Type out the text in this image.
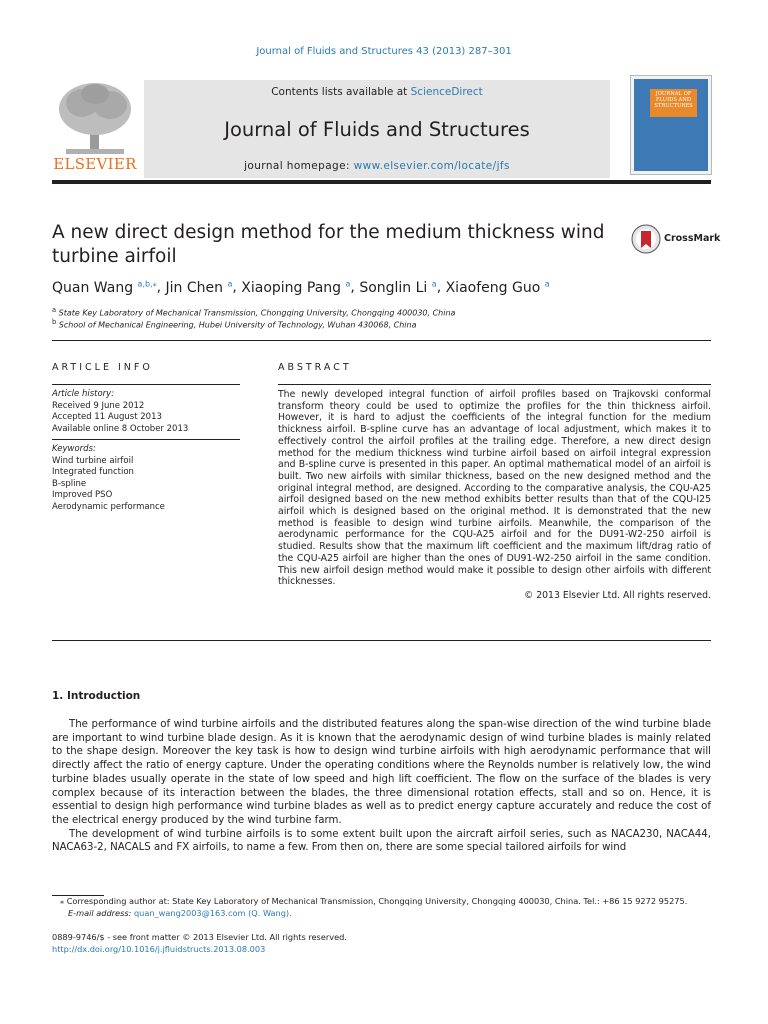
Journal of Fluids and Structures 43 (2013) 287–301
ELSEVIER
Contents lists available at ScienceDirect
Journal of Fluids and Structures
journal homepage: www.elsevier.com/locate/jfs
JOURNAL OF FLUIDS AND STRUCTURES
A new direct design method for the medium thickness wind turbine airfoil
CrossMark
Quan Wang $^{a,b,⁎}$, Jin Chen $^a$, Xiaoping Pang $^a$, Songlin Li $^a$, Xiaofeng Guo $^a$
$^a$ State Key Laboratory of Mechanical Transmission, Chongqing University, Chongqing 400030, China
$^b$ School of Mechanical Engineering, Hubei University of Technology, Wuhan 430068, China
ARTICLE INFO	ABSTRACT
Article history:
Received 9 June 2012
Accepted 11 August 2013
Available online 8 October 2013
Keywords:
Wind turbine airfoil
Integrated function
B-spline
Improved PSO
Aerodynamic performance
The newly developed integral function of airfoil profiles based on Trajkovski conformal transform theory could be used to optimize the profiles for the thin thickness airfoil. However, it is hard to adjust the coefficients of the integral function for the medium thickness airfoil. B-spline curve has an advantage of local adjustment, which makes it to effectively control the airfoil profiles at the trailing edge. Therefore, a new direct design method for the medium thickness wind turbine airfoil based on airfoil integral expression and B-spline curve is presented in this paper. An optimal mathematical model of an airfoil is built. Two new airfoils with similar thickness, based on the new designed method and the original integral method, are designed. According to the comparative analysis, the CQU-A25 airfoil designed based on the new method exhibits better results than that of the CQU-I25 airfoil which is designed based on the original method. It is demonstrated that the new method is feasible to design wind turbine airfoils. Meanwhile, the comparison of the aerodynamic performance for the CQU-A25 airfoil and for the DU91-W2-250 airfoil is studied. Results show that the maximum lift coefficient and the maximum lift/drag ratio of the CQU-A25 airfoil are higher than the ones of DU91-W2-250 airfoil in the same condition. This new airfoil design method would make it possible to design other airfoils with different thicknesses.
© 2013 Elsevier Ltd. All rights reserved.
1. Introduction

The performance of wind turbine airfoils and the distributed features along the span-wise direction of the wind turbine blade are important to wind turbine blade design. As it is known that the aerodynamic design of wind turbine blades is mainly related to the shape design. Moreover the key task is how to design wind turbine airfoils with high aerodynamic performance that will directly affect the ratio of energy capture. Under the operating conditions where the Reynolds number is relatively low, the wind turbine blades usually operate in the state of low speed and high lift coefficient. The flow on the surface of the blades is very complex because of its interaction between the blades, the three dimensional rotation effects, stall and so on. Hence, it is essential to design high performance wind turbine blades as well as to predict energy capture accurately and reduce the cost of the electrical energy produced by the wind turbine farm.

The development of wind turbine airfoils is to some extent built upon the aircraft airfoil series, such as NACA230, NACA44, NACA63-2, NACALS and FX airfoils, to name a few. From then on, there are some special tailored airfoils for wind

⁎ Corresponding author at: State Key Laboratory of Mechanical Transmission, Chongqing University, Chongqing 400030, China. Tel.: +86 15 9272 95275.
E-mail address: quan_wang2003@163.com (Q. Wang).
0889-9746/$ - see front matter © 2013 Elsevier Ltd. All rights reserved.
http://dx.doi.org/10.1016/j.jfluidstructs.2013.08.003
